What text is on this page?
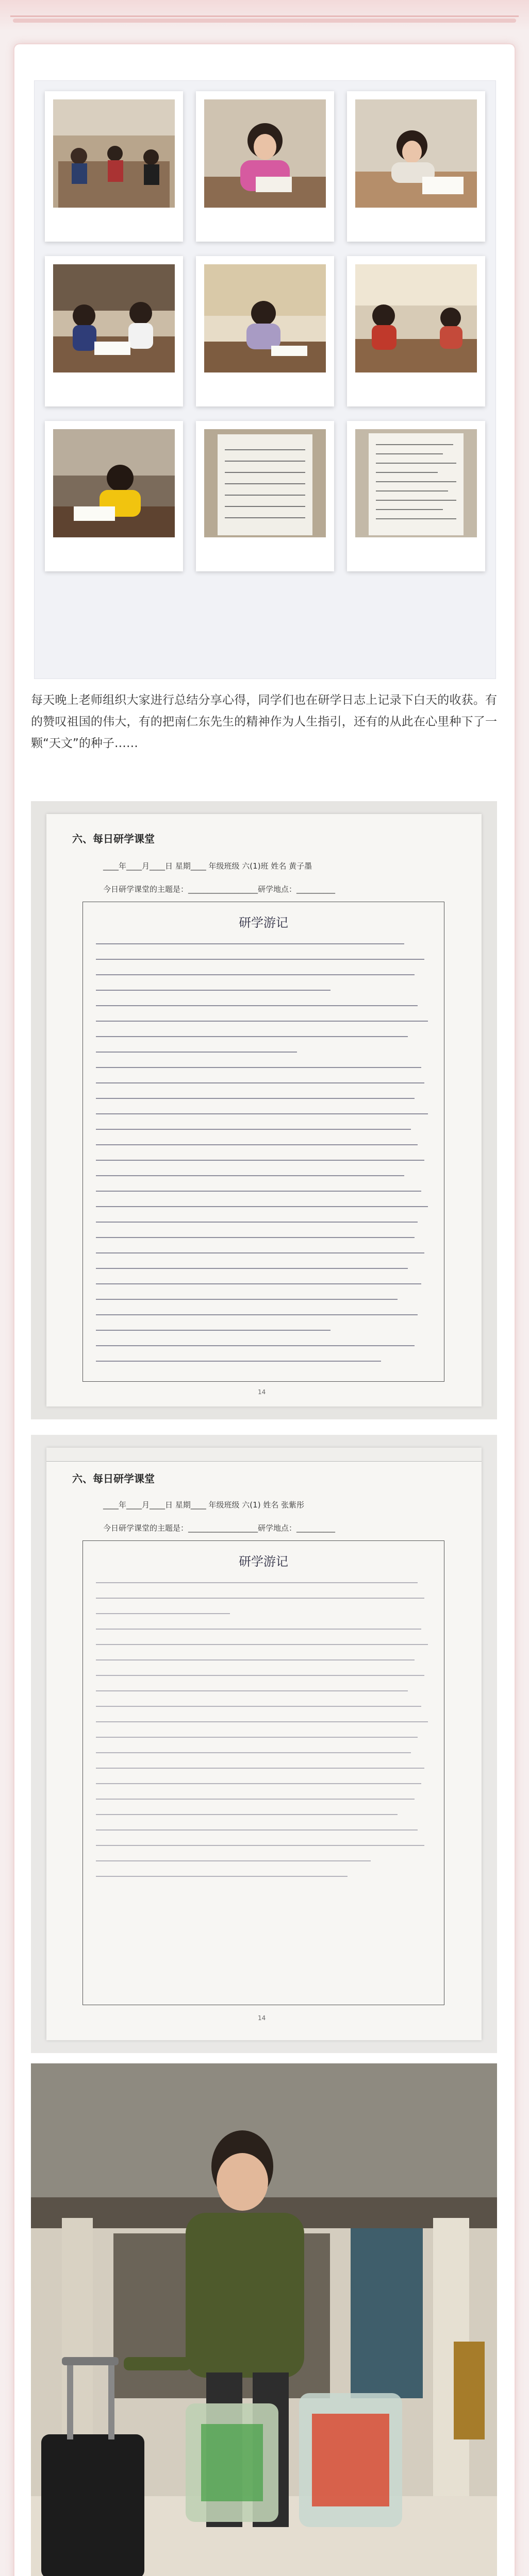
每天晚上老师组织大家进行总结分享心得，同学们也在研学日志上记录下白天的收获。有的赞叹祖国的伟大，有的把南仁东先生的精神作为人生指引，还有的从此在心里种下了一颗“天文”的种子……

六、每日研学课堂
____年____月____日 星期____ 年级班级 六(1)班 姓名 黄子墨
今日研学课堂的主题是：__________________研学地点：__________
研学游记
14
六、每日研学课堂
____年____月____日 星期____ 年级班级 六(1) 姓名 张紫彤
今日研学课堂的主题是：__________________研学地点：__________
研学游记
14
